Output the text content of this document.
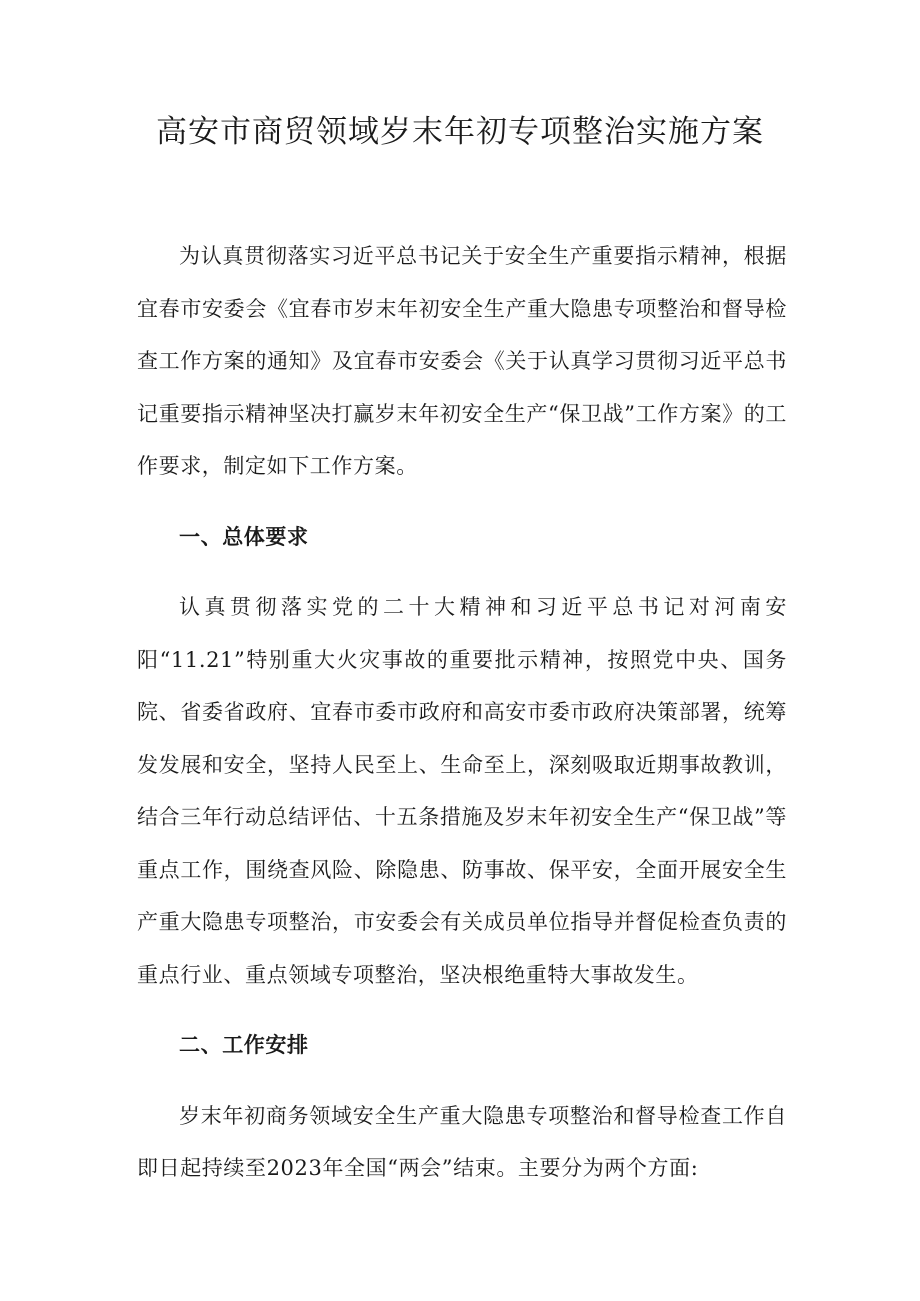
高安市商贸领域岁末年初专项整治实施方案

为认真贯彻落实习近平总书记关于安全生产重要指示精神，根据宜春市安委会《宜春市岁末年初安全生产重大隐患专项整治和督导检查工作方案的通知》及宜春市安委会《关于认真学习贯彻习近平总书记重要指示精神坚决打赢岁末年初安全生产“保卫战”工作方案》的工作要求，制定如下工作方案。

一、总体要求

认真贯彻落实党的二十大精神和习近平总书记对河南安阳“11.21”特别重大火灾事故的重要批示精神，按照党中央、国务院、省委省政府、宜春市委市政府和高安市委市政府决策部署，统筹发发展和安全，坚持人民至上、生命至上，深刻吸取近期事故教训，结合三年行动总结评估、十五条措施及岁末年初安全生产“保卫战”等重点工作，围绕查风险、除隐患、防事故、保平安，全面开展安全生产重大隐患专项整治，市安委会有关成员单位指导并督促检查负责的重点行业、重点领域专项整治，坚决根绝重特大事故发生。

二、工作安排

岁末年初商务领域安全生产重大隐患专项整治和督导检查工作自即日起持续至2023年全国“两会”结束。主要分为两个方面:
